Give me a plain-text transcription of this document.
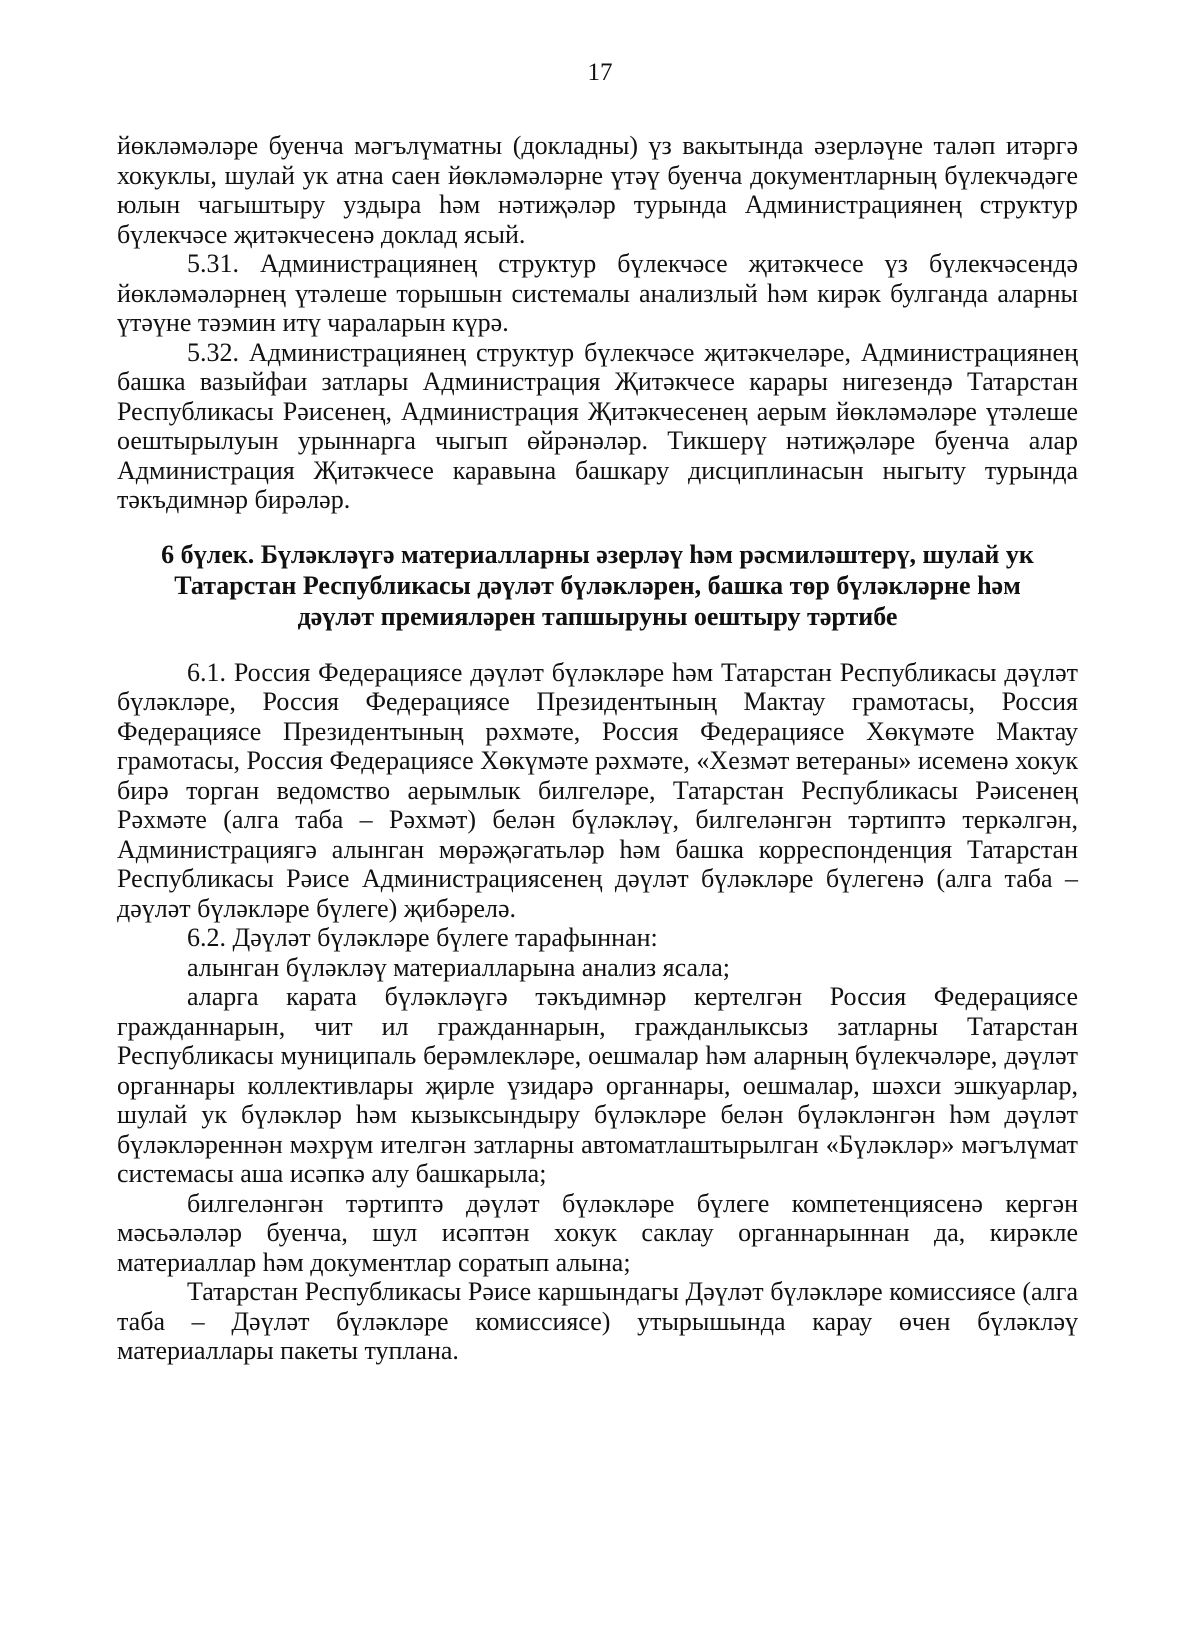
17

йөкләмәләре буенча мәгълүматны (докладны) үз вакытында әзерләүне таләп итәргә хокуклы, шулай ук атна саен йөкләмәләрне үтәү буенча документларның бүлекчәдәге юлын чагыштыру уздыра һәм нәтиҗәләр турында Администрациянең структур бүлекчәсе җитәкчесенә доклад ясый.

5.31. Администрациянең структур бүлекчәсе җитәкчесе үз бүлекчәсендә йөкләмәләрнең үтәлеше торышын системалы анализлый һәм кирәк булганда аларны үтәүне тәэмин итү чараларын күрә.

5.32. Администрациянең структур бүлекчәсе җитәкчеләре, Администрациянең башка вазыйфаи затлары Администрация Җитәкчесе карары нигезендә Татарстан Республикасы Рәисенең, Администрация Җитәкчесенең аерым йөкләмәләре үтәлеше оештырылуын урыннарга чыгып өйрәнәләр. Тикшерү нәтиҗәләре буенча алар Администрация Җитәкчесе каравына башкару дисциплинасын ныгыту турында тәкъдимнәр бирәләр.

6 бүлек. Бүләкләүгә материалларны әзерләү һәм рәсмиләштерү, шулай ук
Татарстан Республикасы дәүләт бүләкләрен, башка төр бүләкләрне һәм
дәүләт премияләрен тапшыруны оештыру тәртибе

6.1. Россия Федерациясе дәүләт бүләкләре һәм Татарстан Республикасы дәүләт бүләкләре, Россия Федерациясе Президентының Мактау грамотасы, Россия Федерациясе Президентының рәхмәте, Россия Федерациясе Хөкүмәте Мактау грамотасы, Россия Федерациясе Хөкүмәте рәхмәте, «Хезмәт ветераны» исеменә хокук бирә торган ведомство аерымлык билгеләре, Татарстан Республикасы Рәисенең Рәхмәте (алга таба – Рәхмәт) белән бүләкләү, билгеләнгән тәртиптә теркәлгән, Администрациягә алынган мөрәҗәгатьләр һәм башка корреспонденция Татарстан Республикасы Рәисе Администрациясенең дәүләт бүләкләре бүлегенә (алга таба – дәүләт бүләкләре бүлеге) җибәрелә.

6.2. Дәүләт бүләкләре бүлеге тарафыннан:

алынган бүләкләү материалларына анализ ясала;

аларга карата бүләкләүгә тәкъдимнәр кертелгән Россия Федерациясе гражданнарын, чит ил гражданнарын, гражданлыксыз затларны Татарстан Республикасы муниципаль берәмлекләре, оешмалар һәм аларның бүлекчәләре, дәүләт органнары коллективлары җирле үзидарә органнары, оешмалар, шәхси эшкуарлар, шулай ук бүләкләр һәм кызыксындыру бүләкләре белән бүләкләнгән һәм дәүләт бүләкләреннән мәхрүм ителгән затларны автоматлаштырылган «Бүләкләр» мәгълүмат системасы аша исәпкә алу башкарыла;

билгеләнгән тәртиптә дәүләт бүләкләре бүлеге компетенциясенә кергән мәсьәләләр буенча, шул исәптән хокук саклау органнарыннан да, кирәкле материаллар һәм документлар соратып алына;

Татарстан Республикасы Рәисе каршындагы Дәүләт бүләкләре комиссиясе (алга таба – Дәүләт бүләкләре комиссиясе) утырышында карау өчен бүләкләү материаллары пакеты туплана.
